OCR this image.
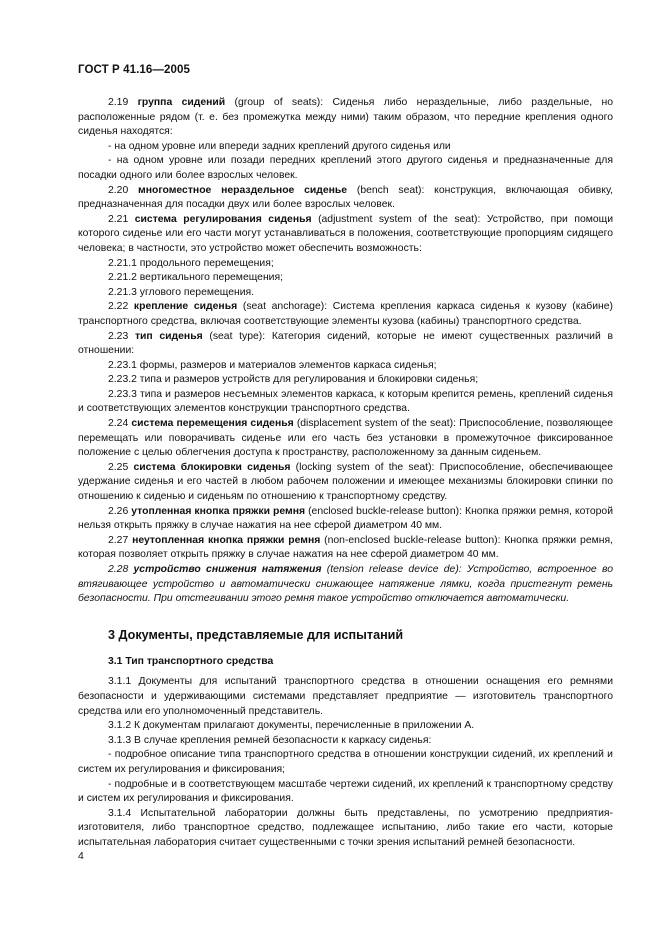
ГОСТ Р 41.16—2005

2.19 группа сидений (group of seats): Сиденья либо нераздельные, либо раздельные, но расположенные рядом (т. е. без промежутка между ними) таким образом, что передние крепления одного сиденья находятся:

- на одном уровне или впереди задних креплений другого сиденья или

- на одном уровне или позади передних креплений этого другого сиденья и предназначенные для посадки одного или более взрослых человек.

2.20 многоместное нераздельное сиденье (bench seat): конструкция, включающая обивку, предназначенная для посадки двух или более взрослых человек.

2.21 система регулирования сиденья (adjustment system of the seat): Устройство, при помощи которого сиденье или его части могут устанавливаться в положения, соответствующие пропорциям сидящего человека; в частности, это устройство может обеспечить возможность:

2.21.1 продольного перемещения;

2.21.2 вертикального перемещения;

2.21.3 углового перемещения.

2.22 крепление сиденья (seat anchorage): Система крепления каркаса сиденья к кузову (кабине) транспортного средства, включая соответствующие элементы кузова (кабины) транспортного средства.

2.23 тип сиденья (seat type): Категория сидений, которые не имеют существенных различий в отношении:

2.23.1 формы, размеров и материалов элементов каркаса сиденья;

2.23.2 типа и размеров устройств для регулирования и блокировки сиденья;

2.23.3 типа и размеров несъемных элементов каркаса, к которым крепится ремень, креплений сиденья и соответствующих элементов конструкции транспортного средства.

2.24 система перемещения сиденья (displacement system of the seat): Приспособление, позволяющее перемещать или поворачивать сиденье или его часть без установки в промежуточное фиксированное положение с целью облегчения доступа к пространству, расположенному за данным сиденьем.

2.25 система блокировки сиденья (locking system of the seat): Приспособление, обеспечивающее удержание сиденья и его частей в любом рабочем положении и имеющее механизмы блокировки спинки по отношению к сиденью и сиденьям по отношению к транспортному средству.

2.26 утопленная кнопка пряжки ремня (enclosed buckle-release button): Кнопка пряжки ремня, которой нельзя открыть пряжку в случае нажатия на нее сферой диаметром 40 мм.

2.27 неутопленная кнопка пряжки ремня (non-enclosed buckle-release button): Кнопка пряжки ремня, которая позволяет открыть пряжку в случае нажатия на нее сферой диаметром 40 мм.

2.28 устройство снижения натяжения (tension release device de): Устройство, встроенное во втягивающее устройство и автоматически снижающее натяжение лямки, когда пристегнут ремень безопасности. При отстегивании этого ремня такое устройство отключается автоматически.

3 Документы, представляемые для испытаний

3.1 Тип транспортного средства

3.1.1 Документы для испытаний транспортного средства в отношении оснащения его ремнями безопасности и удерживающими системами представляет предприятие — изготовитель транспортного средства или его уполномоченный представитель.

3.1.2 К документам прилагают документы, перечисленные в приложении А.

3.1.3 В случае крепления ремней безопасности к каркасу сиденья:

- подробное описание типа транспортного средства в отношении конструкции сидений, их креплений и систем их регулирования и фиксирования;

- подробные и в соответствующем масштабе чертежи сидений, их креплений к транспортному средству и систем их регулирования и фиксирования.

3.1.4 Испытательной лаборатории должны быть представлены, по усмотрению предприятия-изготовителя, либо транспортное средство, подлежащее испытанию, либо такие его части, которые испытательная лаборатория считает существенными с точки зрения испытаний ремней безопасности.

4
